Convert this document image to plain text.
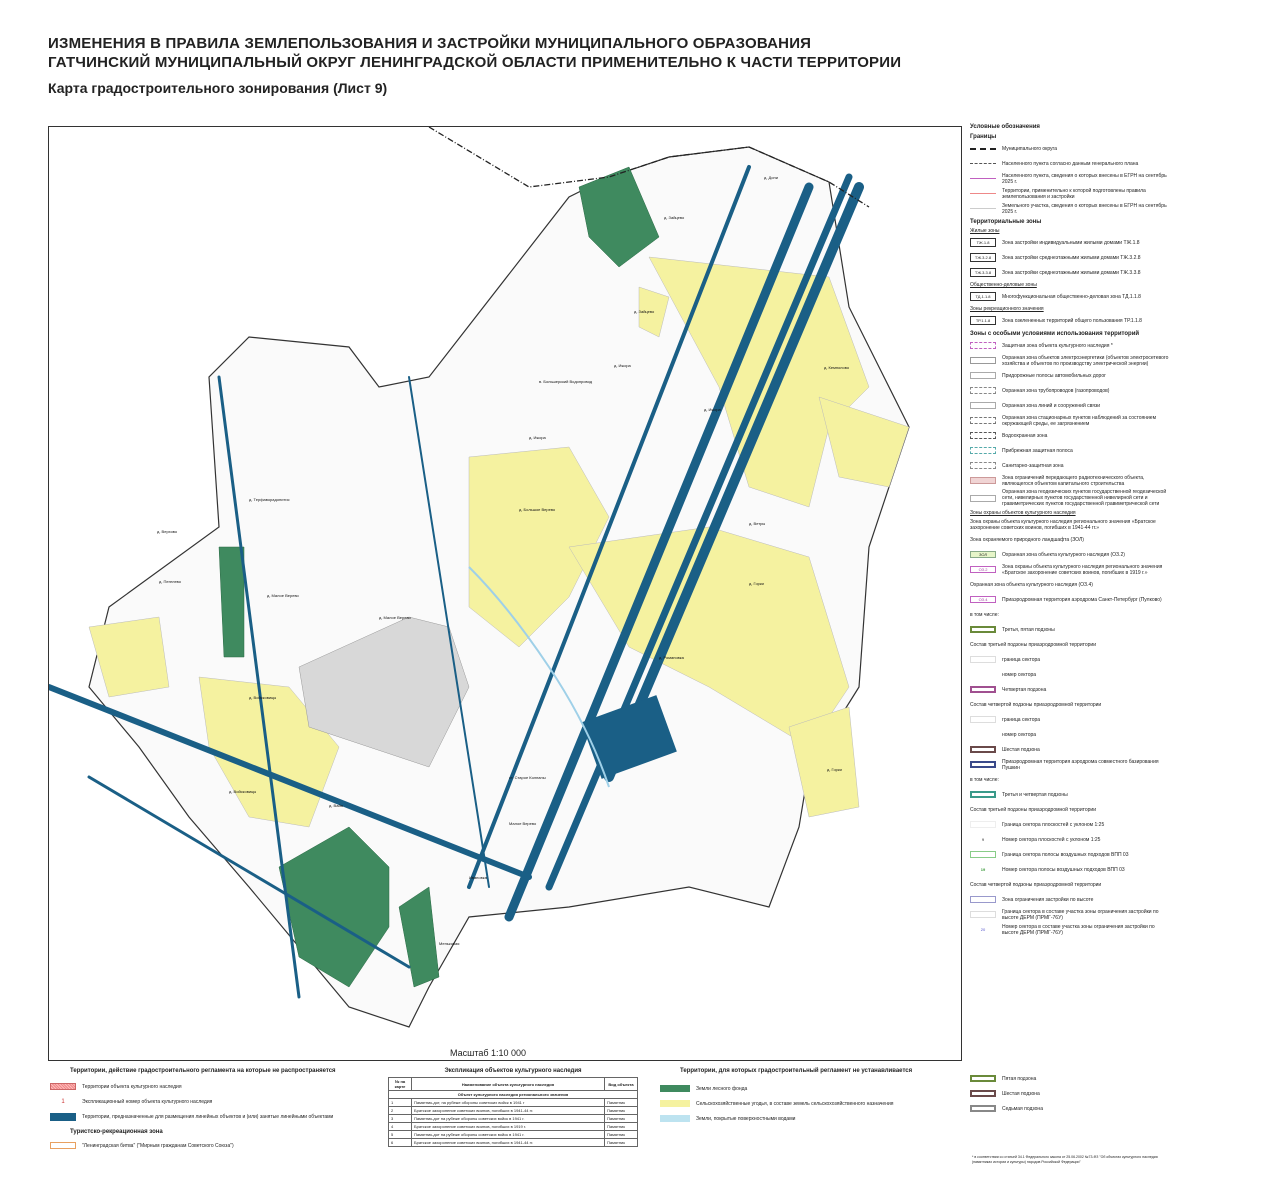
ИЗМЕНЕНИЯ В ПРАВИЛА ЗЕМЛЕПОЛЬЗОВАНИЯ И ЗАСТРОЙКИ МУНИЦИПАЛЬНОГО ОБРАЗОВАНИЯ
ГАТЧИНСКИЙ МУНИЦИПАЛЬНЫЙ ОКРУГ ЛЕНИНГРАДСКОЙ ОБЛАСТИ ПРИМЕНИТЕЛЬНО К ЧАСТИ ТЕРРИТОРИИ
Карта градостроительного зонирования (Лист 9)
д. Дони
д. Зайцево
д. Зайцево
д. Ижора
в. Большерский Водопровод
д. Ижора
д. Ижора
д. Кемполово
д. Терфаворадонитис
д. Большое Верево
д. Верхово
д. Пегелево
д. Малое Верево
д. Малое Верево
д. Ветры
д. Горки
д. Романовка
д. Войсковицы
д. Войсковицы
д. Вайя
ст. Старое Колпаны
Малое Верево
д. Горки
Ивановка
Меньковая
Масштаб 1:10 000
Условные обозначения
Границы
Муниципального округа
Населенного пункта согласно данным генерального плана
Населенного пункта, сведения о которых внесены в ЕГРН на сентябрь 2025 г.
Территории, применительно к которой подготовлены правила землепользования и застройки
Земельного участка, сведения о которых внесены в ЕГРН на сентябрь 2025 г.
Территориальные зоны
Жилые зоны
ТЖ.1.8	Зона застройки индивидуальными жилыми домами ТЖ.1.8
ТЖ.3.2.8	Зона застройки среднеэтажными жилыми домами ТЖ.3.2.8
ТЖ.3.3.8	Зона застройки среднеэтажными жилыми домами ТЖ.3.3.8
Общественно-деловые зоны
ТД.1.1.8	Многофункциональная общественно-деловая зона ТД.1.1.8
Зоны рекреационного значения
ТР.1.1.8	Зона озелененных территорий общего пользования ТР.1.1.8
Зоны с особыми условиями использования территорий
Защитная зона объекта культурного наследия *
Охранная зона объектов электроэнергетики (объектов электросетевого хозяйства и объектов по производству электрической энергии)
Придорожные полосы автомобильных дорог
Охранная зона трубопроводов (газопроводов)
Охранная зона линий и сооружений связи
Охранная зона стационарных пунктов наблюдений за состоянием окружающей среды, ее загрязнением
Водоохранная зона
Прибрежная защитная полоса
Санитарно-защитная зона
Зона ограничений передающего радиотехнического объекта, являющегося объектом капитального строительства
Охранная зона геодезических пунктов государственной геодезической сети, нивелирных пунктов государственной нивелирной сети и гравиметрических пунктов государственной гравиметрической сети
Зоны охраны объектов культурного наследия
Зона охраны объекта культурного наследия регионального значения «Братское захоронение советских воинов, погибших в 1941-44 гг.»
Зона охраняемого природного ландшафта (ЗОЛ)
ЗОЛ	Охранная зона объекта культурного наследия (ОЗ.2)
ОЗ.2	Зона охраны объекта культурного наследия регионального значения «Братское захоронение советских воинов, погибших в 1919 г.»
Охранная зона объекта культурного наследия (ОЗ.4)
ОЗ.4	Приаэродромная территория аэродрома Санкт-Петербург (Пулково)
в том числе:
Третья, пятая подзоны
Состав третьей подзоны приаэродромной территории
граница сектора
номер сектора
Четвертая подзона
Состав четвертой подзоны приаэродромной территории
граница сектора
номер сектора
Шестая подзона
Приаэродромная территория аэродрома совместного базирования Пушкин
в том числе:
Третья и четвертая подзоны
Состав третьей подзоны приаэродромной территории
Граница сектора плоскостей с уклоном 1:25
9	Номер сектора плоскостей с уклоном 1:25
Граница сектора полосы воздушных подходов ВПП 03
19	Номер сектора полосы воздушных подходов ВПП 03
Состав четвертой подзоны приаэродромной территории
Зона ограничения застройки по высоте
Граница сектора в составе участка зоны ограничения застройки по высоте ДЕРМ (ПРМГ-76У)
20	Номер сектора в составе участка зоны ограничения застройки по высоте ДЕРМ (ПРМГ-76У)
Пятая подзона
Шестая подзона
Седьмая подзона
Территории, действие градостроительного регламента на которые не распространяется
Территории объекта культурного наследия
1	Экспликационный номер объекта культурного наследия
Территории, предназначенные для размещения линейных объектов и (или) занятые линейными объектами
Туристско-рекреационная зона
"Ленинградская битва" ("Мирным гражданам Советского Союза")
Экспликация объектов культурного наследия
№ на карте	Наименование объекта культурного наследия	Вид объекта
Объект культурного наследия регионального значения		
1	Памятник-дот, на рубеже обороны советских войск в 1941 г	Памятник
2	Братское захоронение советских воинов, погибших в 1941-44 гг.	Памятник
3	Памятник-дот на рубеже обороны советских войск в 1941 г.	Памятник
4	Братское захоронение советских воинов, погибших в 1919 г.	Памятник
5	Памятник-дот на рубеже обороны советских войск в 1941 г.	Памятник
6	Братское захоронение советских воинов, погибших в 1941-44 гг.	Памятник
Территории, для которых градостроительный регламент не устанавливается
Земли лесного фонда
Сельскохозяйственные угодья, в составе земель сельскохозяйственного назначения
Земли, покрытые поверхностными водами
* в соответствии со статьей 34.1 Федерального закона от 25.06.2002 №73-ФЗ "Об объектах культурного наследия (памятниках истории и культуры) народов Российской Федерации"
